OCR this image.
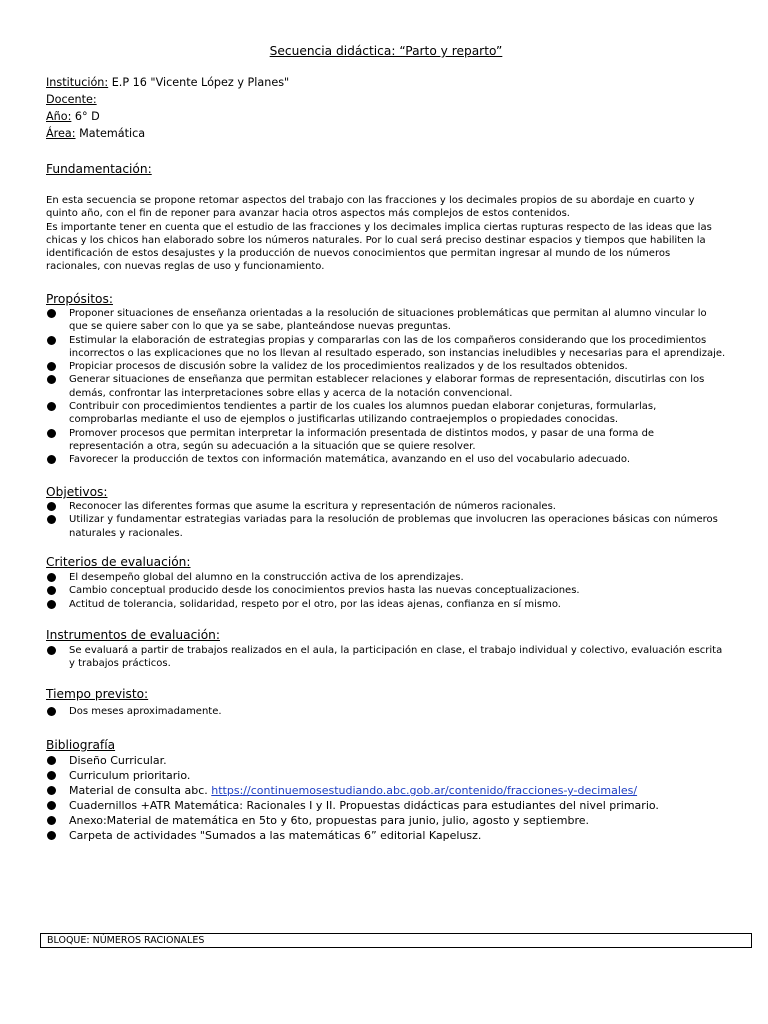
Secuencia didáctica: “Parto y reparto”
Institución: E.P 16 "Vicente López y Planes"
Docente:
Año: 6° D
Área: Matemática
Fundamentación:
En esta secuencia se propone retomar aspectos del trabajo con las fracciones y los decimales propios de su abordaje en cuarto y quinto año, con el fin de reponer para avanzar hacia otros aspectos más complejos de estos contenidos.
Es importante tener en cuenta que el estudio de las fracciones y los decimales implica ciertas rupturas respecto de las ideas que las chicas y los chicos han elaborado sobre los números naturales. Por lo cual será preciso destinar espacios y tiempos que habiliten la identificación de estos desajustes y la producción de nuevos conocimientos que permitan ingresar al mundo de los números racionales, con nuevas reglas de uso y funcionamiento.
Propósitos:
Proponer situaciones de enseñanza orientadas a la resolución de situaciones problemáticas que permitan al alumno vincular lo que se quiere saber con lo que ya se sabe, planteándose nuevas preguntas.
Estimular la elaboración de estrategias propias y compararlas con las de los compañeros considerando que los procedimientos incorrectos o las explicaciones que no los llevan al resultado esperado, son instancias ineludibles y necesarias para el aprendizaje.
Propiciar procesos de discusión sobre la validez de los procedimientos realizados y de los resultados obtenidos.
Generar situaciones de enseñanza que permitan establecer relaciones y elaborar formas de representación, discutirlas con los demás, confrontar las interpretaciones sobre ellas y acerca de la notación convencional.
Contribuir con procedimientos tendientes a partir de los cuales los alumnos puedan elaborar conjeturas, formularlas, comprobarlas mediante el uso de ejemplos o justificarlas utilizando contraejemplos o propiedades conocidas.
Promover procesos que permitan interpretar la información presentada de distintos modos, y pasar de una forma de representación a otra, según su adecuación a la situación que se quiere resolver.
Favorecer la producción de textos con información matemática, avanzando en el uso del vocabulario adecuado.
Objetivos:
Reconocer las diferentes formas que asume la escritura y representación de números racionales.
Utilizar y fundamentar estrategias variadas para la resolución de problemas que involucren las operaciones básicas con números naturales y racionales.
Criterios de evaluación:
El desempeño global del alumno en la construcción activa de los aprendizajes.
Cambio conceptual producido desde los conocimientos previos hasta las nuevas conceptualizaciones.
Actitud de tolerancia, solidaridad, respeto por el otro, por las ideas ajenas, confianza en sí mismo.
Instrumentos de evaluación:
Se evaluará a partir de trabajos realizados en el aula, la participación en clase, el trabajo individual y colectivo, evaluación escrita y trabajos prácticos.
Tiempo previsto:
Dos meses aproximadamente.
Bibliografía
Diseño Curricular.
Curriculum prioritario.
Material de consulta abc. https://continuemosestudiando.abc.gob.ar/contenido/fracciones-y-decimales/
Cuadernillos +ATR Matemática: Racionales I y II. Propuestas didácticas para estudiantes del nivel primario.
Anexo:Material de matemática en 5to y 6to, propuestas para junio, julio, agosto y septiembre.
Carpeta de actividades "Sumados a las matemáticas 6” editorial Kapelusz.
BLOQUE: NÚMEROS RACIONALES
